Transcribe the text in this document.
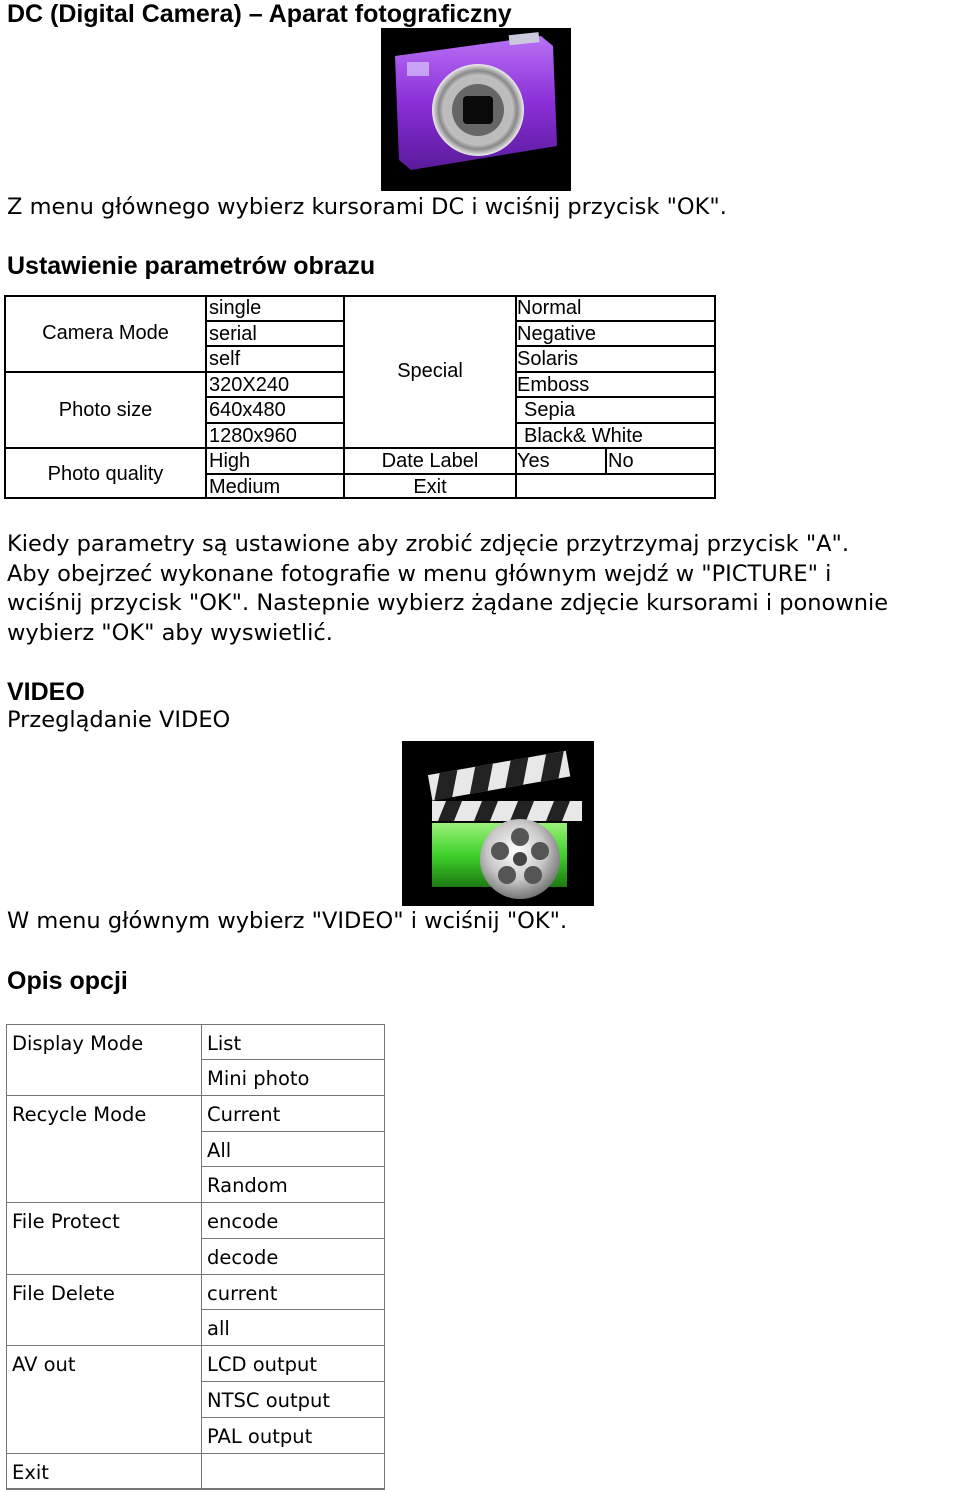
DC (Digital Camera) – Aparat fotograficzny
Z menu głównego wybierz kursorami DC i wciśnij przycisk "OK".
Ustawienie parametrów obrazu
Camera Mode
Photo size
Photo quality
single
serial
self
320X240
640x480
1280x960
High
Medium
Special
Date Label
Exit
Normal
Negative
Solaris
Emboss
Sepia
Black& White
Yes	No
Kiedy parametry są ustawione aby zrobić zdjęcie przytrzymaj przycisk "A".
Aby obejrzeć wykonane fotografie w menu głównym wejdź w "PICTURE" i
wciśnij przycisk "OK". Nastepnie wybierz żądane zdjęcie kursorami i ponownie
wybierz "OK" aby wyswietlić.
VIDEO
Przeglądanie VIDEO
W menu głównym wybierz "VIDEO" i wciśnij "OK".
Opis opcji
Display Mode
Recycle Mode
File Protect
File Delete
AV out
Exit
List
Mini photo
Current
All
Random
encode
decode
current
all
LCD output
NTSC output
PAL output
